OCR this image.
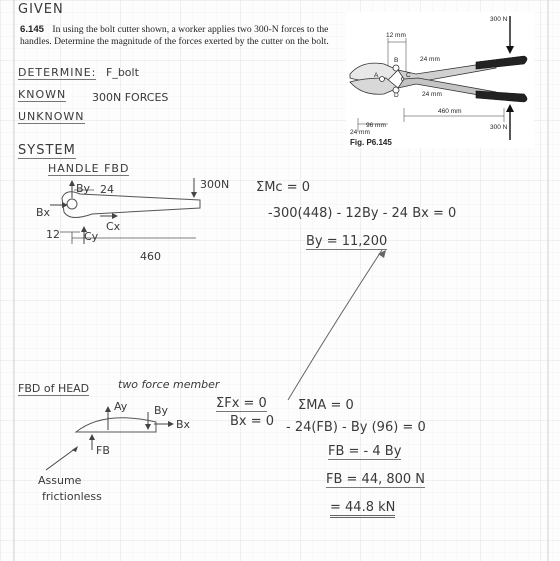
GIVEN
6.145 In using the bolt cutter shown, a worker applies two 300-N forces to the handles. Determine the magnitude of the forces exerted by the cutter on the bolt.
300 N
300 N
12 mm
24 mm
24 mm
460 mm
96 mm
24 mm
A
B
C
D
Fig. P6.145
DETERMINE: F_bolt
KNOWN 300N FORCES
UNKNOWN
SYSTEM
HANDLE FBD
By
Bx
Cx
Cy
24
12
460
300N ΣMc = 0
-300(448) - 12By - 24 Bx = 0
By = 11,200
FBD of HEAD	two force member
Ay By
Bx
FB
Assume
frictionless
ΣFx = 0
Bx = 0
ΣMA = 0
- 24(FB) - By (96) = 0
FB = - 4 By
FB = 44, 800 N
= 44.8 kN
